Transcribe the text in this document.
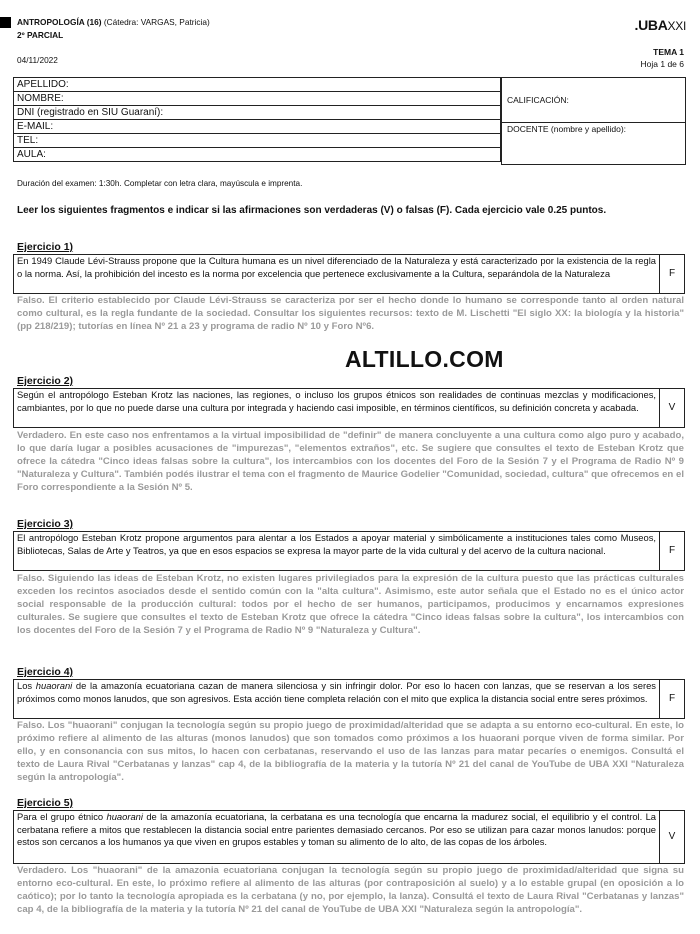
ANTROPOLOGÍA (16) (Cátedra: VARGAS, Patricia)
2º PARCIAL
04/11/2022
.UBAXXI
TEMA 1
Hoja 1 de 6
APELLIDO:
NOMBRE:
DNI (registrado en SIU Guaraní):
E-MAIL:
TEL:
AULA:
CALIFICACIÓN:
DOCENTE (nombre y apellido):
Duración del examen: 1:30h. Completar con letra clara, mayúscula e imprenta.
Leer los siguientes fragmentos e indicar si las afirmaciones son verdaderas (V) o falsas (F). Cada ejercicio vale 0.25 puntos.
Ejercicio 1)
En 1949 Claude Lévi-Strauss propone que la Cultura humana es un nivel diferenciado de la Naturaleza y está caracterizado por la existencia de la regla o la norma. Así, la prohibición del incesto es la norma por excelencia que pertenece exclusivamente a la Cultura, separándola de la Naturaleza	F
Falso. El criterio establecido por Claude Lévi-Strauss se caracteriza por ser el hecho donde lo humano se corresponde tanto al orden natural como cultural, es la regla fundante de la sociedad. Consultar los siguientes recursos: texto de M. Lischetti "El siglo XX: la biología y la historia" (pp 218/219); tutorías en línea Nº 21 a 23 y programa de radio Nº 10 y Foro Nº6.
ALTILLO.COM
Ejercicio 2)
Según el antropólogo Esteban Krotz las naciones, las regiones, o incluso los grupos étnicos son realidades de continuas mezclas y modificaciones, cambiantes, por lo que no puede darse una cultura por integrada y haciendo casi imposible, en términos científicos, su definición concreta y acabada.	V
Verdadero. En este caso nos enfrentamos a la virtual imposibilidad de "definir" de manera concluyente a una cultura como algo puro y acabado, lo que daría lugar a posibles acusaciones de "impurezas", "elementos extraños", etc. Se sugiere que consultes el texto de Esteban Krotz que ofrece la cátedra "Cinco ideas falsas sobre la cultura", los intercambios con los docentes del Foro de la Sesión 7 y el Programa de Radio Nº 9 "Naturaleza y Cultura". También podés ilustrar el tema con el fragmento de Maurice Godelier "Comunidad, sociedad, cultura" que ofrecemos en el Foro correspondiente a la Sesión Nº 5.
Ejercicio 3)
El antropólogo Esteban Krotz propone argumentos para alentar a los Estados a apoyar material y simbólicamente a instituciones tales como Museos, Bibliotecas, Salas de Arte y Teatros, ya que en esos espacios se expresa la mayor parte de la vida cultural y del acervo de la cultura nacional.	F
Falso. Siguiendo las ideas de Esteban Krotz, no existen lugares privilegiados para la expresión de la cultura puesto que las prácticas culturales exceden los recintos asociados desde el sentido común con la "alta cultura". Asimismo, este autor señala que el Estado no es el único actor social responsable de la producción cultural: todos por el hecho de ser humanos, participamos, producimos y encarnamos expresiones culturales. Se sugiere que consultes el texto de Esteban Krotz que ofrece la cátedra "Cinco ideas falsas sobre la cultura", los intercambios con los docentes del Foro de la Sesión 7 y el Programa de Radio Nº 9 "Naturaleza y Cultura".
Ejercicio 4)
Los huaorani de la amazonía ecuatoriana cazan de manera silenciosa y sin infringir dolor. Por eso lo hacen con lanzas, que se reservan a los seres próximos como monos lanudos, que son agresivos. Esta acción tiene completa relación con el mito que explica la distancia social entre seres próximos.	F
Falso. Los "huaorani" conjugan la tecnología según su propio juego de proximidad/alteridad que se adapta a su entorno eco-cultural. En este, lo próximo refiere al alimento de las alturas (monos lanudos) que son tomados como próximos a los huaorani porque viven de forma similar. Por ello, y en consonancia con sus mitos, lo hacen con cerbatanas, reservando el uso de las lanzas para matar pecaríes o enemigos. Consultá el texto de Laura Rival "Cerbatanas y lanzas" cap 4, de la bibliografía de la materia y la tutoría Nº 21 del canal de YouTube de UBA XXI "Naturaleza según la antropología".
Ejercicio 5)
Para el grupo étnico huaorani de la amazonía ecuatoriana, la cerbatana es una tecnología que encarna la madurez social, el equilibrio y el control. La cerbatana refiere a mitos que restablecen la distancia social entre parientes demasiado cercanos. Por eso se utilizan para cazar monos lanudos: porque estos son cercanos a los humanos ya que viven en grupos estables y toman su alimento de lo alto, de las copas de los árboles.	V
Verdadero. Los "huaorani" de la amazonia ecuatoriana conjugan la tecnología según su propio juego de proximidad/alteridad que signa su entorno eco-cultural. En este, lo próximo refiere al alimento de las alturas (por contraposición al suelo) y a lo estable grupal (en oposición a lo caótico); por lo tanto la tecnología apropiada es la cerbatana (y no, por ejemplo, la lanza). Consultá el texto de Laura Rival "Cerbatanas y lanzas" cap 4, de la bibliografía de la materia y la tutoría Nº 21 del canal de YouTube de UBA XXI "Naturaleza según la antropología".
